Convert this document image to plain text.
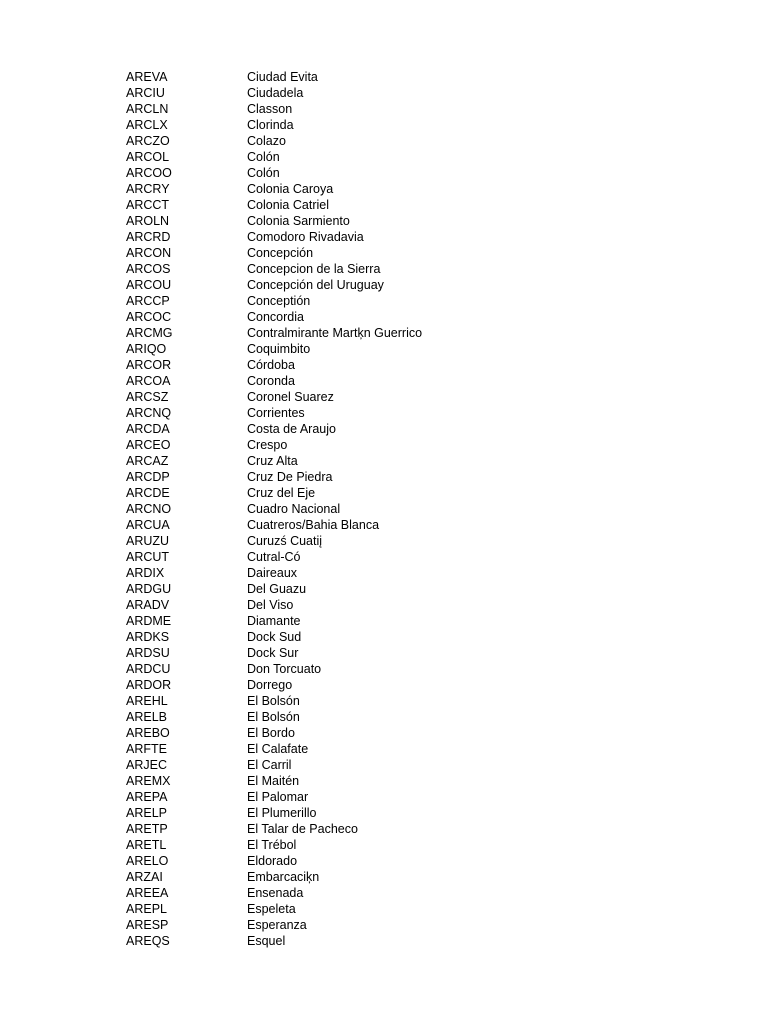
AREVA	Ciudad Evita
ARCIU	Ciudadela
ARCLN	Classon
ARCLX	Clorinda
ARCZO	Colazo
ARCOL	Colón
ARCOO	Colón
ARCRY	Colonia Caroya
ARCCT	Colonia Catriel
AROLN	Colonia Sarmiento
ARCRD	Comodoro Rivadavia
ARCON	Concepción
ARCOS	Concepcion de la Sierra
ARCOU	Concepción del Uruguay
ARCCP	Conceptión
ARCOC	Concordia
ARCMG	Contralmirante Martķn Guerrico
ARIQO	Coquimbito
ARCOR	Córdoba
ARCOA	Coronda
ARCSZ	Coronel Suarez
ARCNQ	Corrientes
ARCDA	Costa de Araujo
ARCEO	Crespo
ARCAZ	Cruz Alta
ARCDP	Cruz De Piedra
ARCDE	Cruz del Eje
ARCNO	Cuadro Nacional
ARCUA	Cuatreros/Bahia Blanca
ARUZU	Curuzś Cuatiį
ARCUT	Cutral-Có
ARDIX	Daireaux
ARDGU	Del Guazu
ARADV	Del Viso
ARDME	Diamante
ARDKS	Dock Sud
ARDSU	Dock Sur
ARDCU	Don Torcuato
ARDOR	Dorrego
AREHL	El Bolsón
ARELB	El Bolsón
AREBO	El Bordo
ARFTE	El Calafate
ARJEC	El Carril
AREMX	El Maitén
AREPA	El Palomar
ARELP	El Plumerillo
ARETP	El Talar de Pacheco
ARETL	El Trébol
ARELO	Eldorado
ARZAI	Embarcaciķn
AREEA	Ensenada
AREPL	Espeleta
ARESP	Esperanza
AREQS	Esquel
